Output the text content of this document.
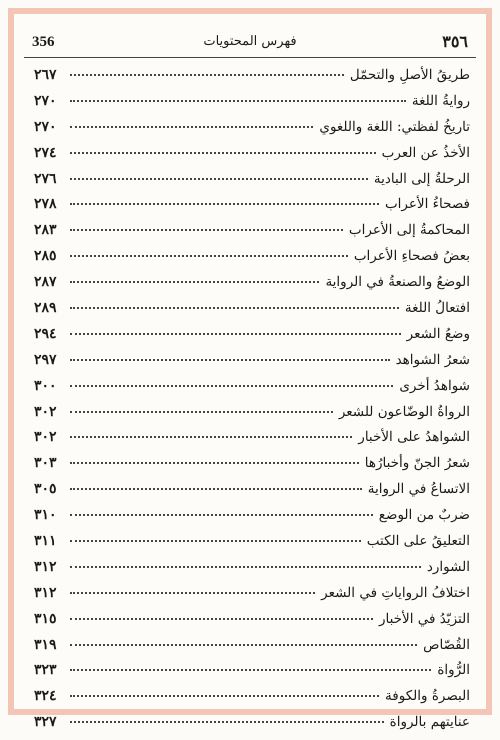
356	فهرس المحتويات	٣٥٦
طريقُ الأصلِ والتحمّل
٢٦٧
روايةُ اللغة
٢٧٠
تاريخُ لفظتي: اللغة واللغوي
٢٧٠
الأخذُ عن العرب
٢٧٤
الرحلةُ إلى البادية
٢٧٦
فصحاءُ الأعراب
٢٧٨
المحاكمةُ إلى الأعراب
٢٨٣
بعضُ فصحاءِ الأعراب
٢٨٥
الوضعُ والصنعةُ في الرواية
٢٨٧
افتعالُ اللغة
٢٨٩
وضعُ الشعر
٢٩٤
شعرُ الشواهد
٢٩٧
شواهدُ أخرى
٣٠٠
الرواةُ الوضّاعون للشعر
٣٠٢
الشواهدُ على الأخبار
٣٠٢
شعرُ الجنّ وأخبارُها
٣٠٣
الاتساعُ في الرواية
٣٠٥
ضربٌ من الوضع
٣١٠
التعليقُ على الكتب
٣١١
الشوارد
٣١٢
اختلافُ الرواياتِ في الشعر
٣١٢
التزيّدُ في الأخبار
٣١٥
القُصّاص
٣١٩
الرُّواة
٣٢٣
البصرةُ والكوفة
٣٢٤
عنايتهم بالرواة
٣٢٧
